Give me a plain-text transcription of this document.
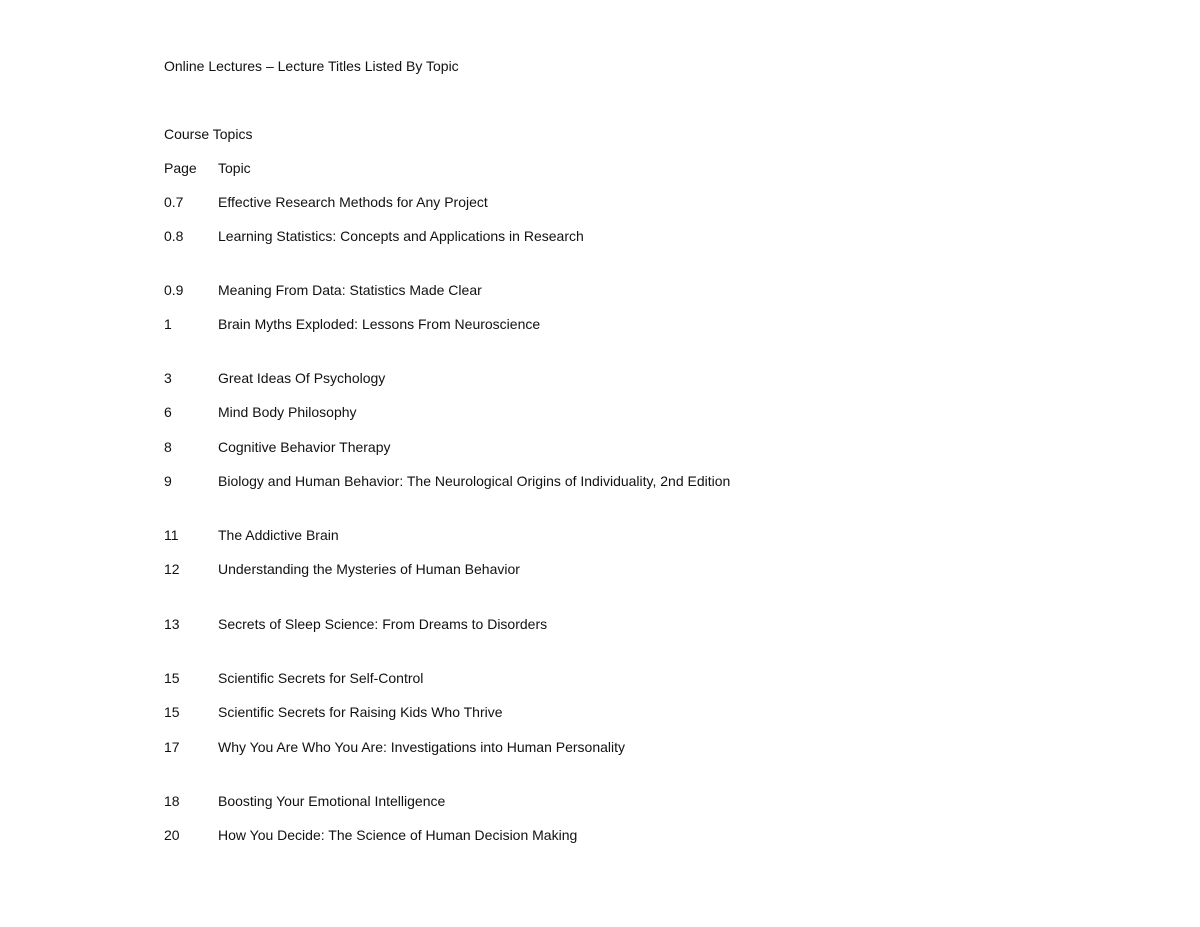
Online Lectures – Lecture Titles Listed By Topic
Course Topics
Page	Topic
0.7	Effective Research Methods for Any Project
0.8	Learning Statistics: Concepts and Applications in Research
0.9	Meaning From Data: Statistics Made Clear
1	Brain Myths Exploded: Lessons From Neuroscience
3	Great Ideas Of Psychology
6	Mind Body Philosophy
8	Cognitive Behavior Therapy
9	Biology and Human Behavior: The Neurological Origins of Individuality, 2nd Edition
11	The Addictive Brain
12	Understanding the Mysteries of Human Behavior
13	Secrets of Sleep Science: From Dreams to Disorders
15	Scientific Secrets for Self-Control
15	Scientific Secrets for Raising Kids Who Thrive
17	Why You Are Who You Are: Investigations into Human Personality
18	Boosting Your Emotional Intelligence
20	How You Decide: The Science of Human Decision Making
